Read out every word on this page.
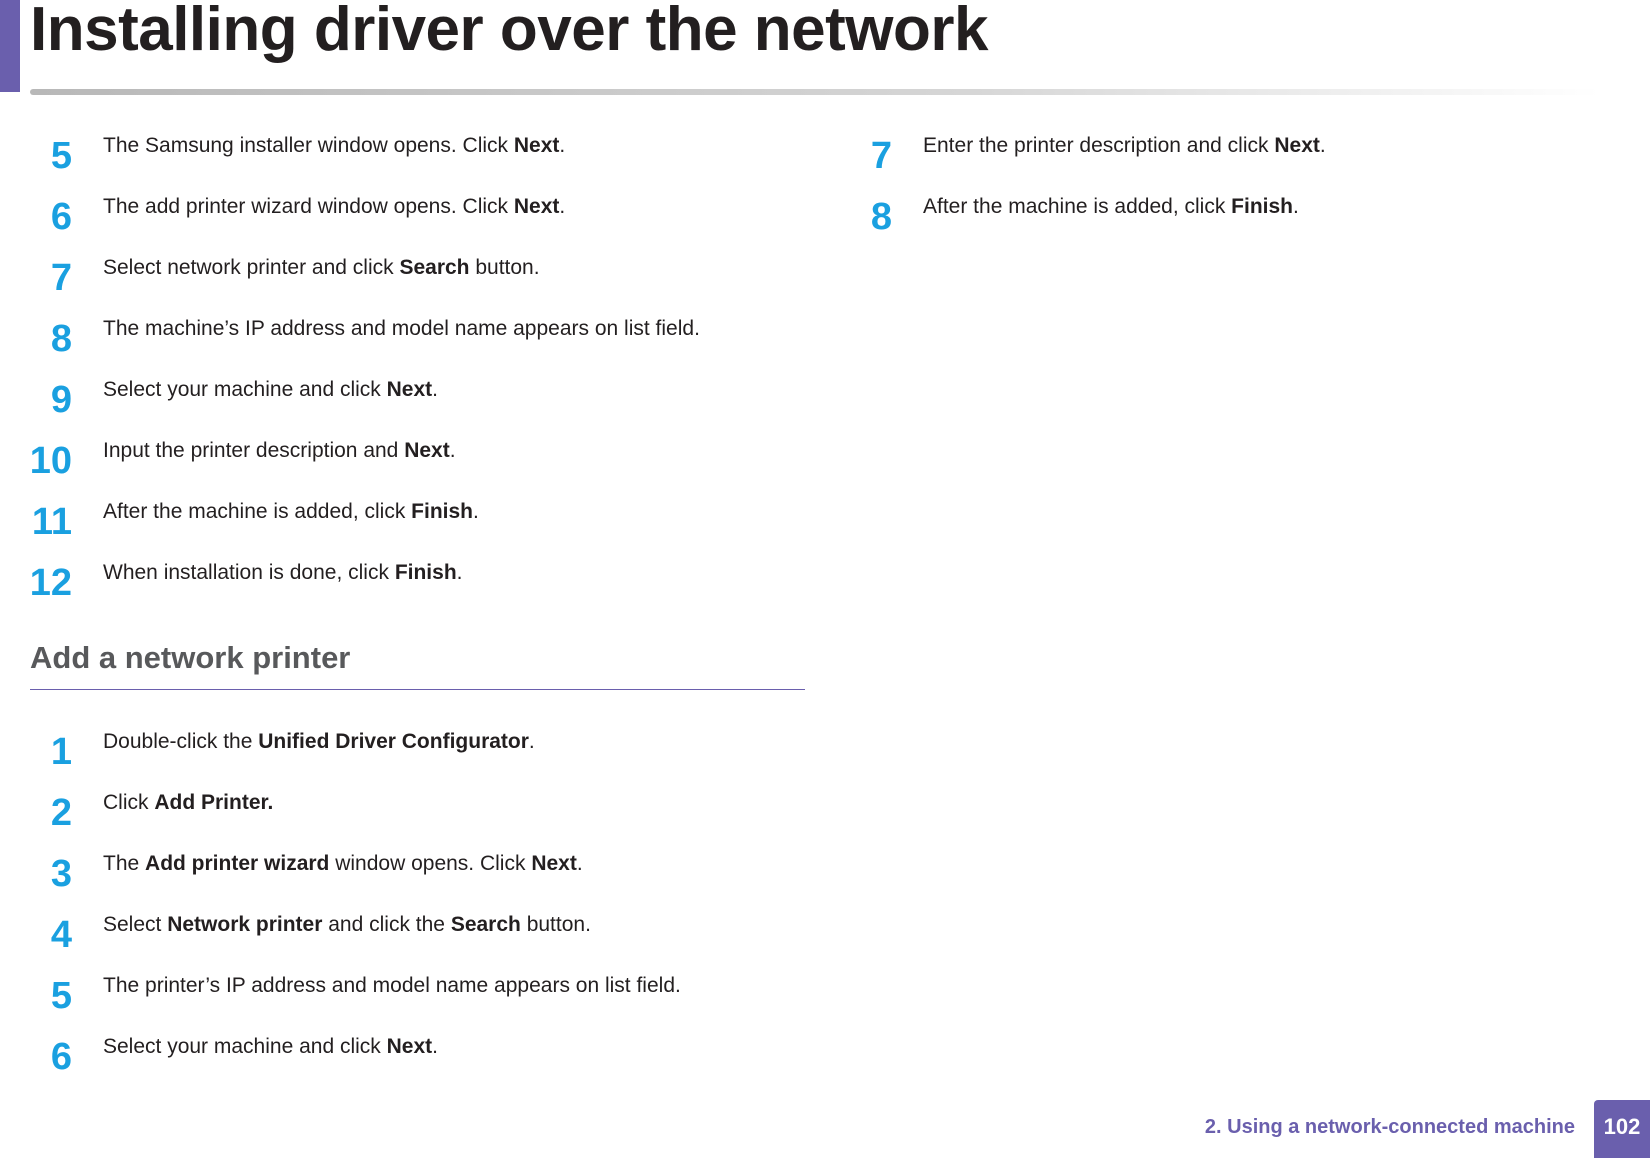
Installing driver over the network
5 The Samsung installer window opens. Click Next.
6 The add printer wizard window opens. Click Next.
7 Select network printer and click Search button.
8 The machine’s IP address and model name appears on list field.
9 Select your machine and click Next.
10 Input the printer description and Next.
11 After the machine is added, click Finish.
12 When installation is done, click Finish.
Add a network printer
1 Double-click the Unified Driver Configurator.
2 Click Add Printer.
3 The Add printer wizard window opens. Click Next.
4 Select Network printer and click the Search button.
5 The printer’s IP address and model name appears on list field.
6 Select your machine and click Next.
7 Enter the printer description and click Next.
8 After the machine is added, click Finish.
2. Using a network-connected machine	102
